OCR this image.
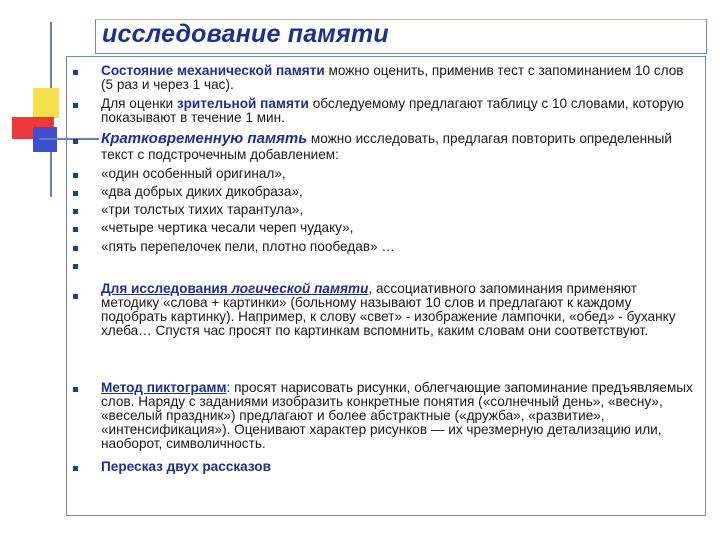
исследование памяти
Состояние механической памяти можно оценить, применив тест с запоминанием 10 слов (5 раз и через 1 час).
Для оценки зрительной памяти обследуемому предлагают таблицу с 10 словами, которую показывают в течение 1 мин.
Кратковременную память можно исследовать, предлагая повторить определенный текст с подстрочечным добавлением:
«один особенный оригинал»,
«два добрых диких дикобраза»,
«три толстых тихих тарантула»,
«четыре чертика чесали череп чудаку»,
«пять перепелочек пели, плотно пообедав» …
Для исследования логической памяти, ассоциативного запоминания применяют методику «слова + картинки» (больному называют 10 слов и предлагают к каждому подобрать картинку). Например, к слову «свет» - изображение лампочки, «обед» - буханку хлеба… Спустя час просят по картинкам вспомнить, каким словам они соответствуют.
Метод пиктограмм: просят нарисовать рисунки, облегчающие запоминание предъявляемых слов. Наряду с заданиями изобразить конкретные понятия («солнечный день», «весну», «веселый праздник») предлагают и более абстрактные («дружба», «развитие», «интенсификация»). Оценивают характер рисунков — их чрезмерную детализацию или, наоборот, символичность.
Пересказ двух рассказов
